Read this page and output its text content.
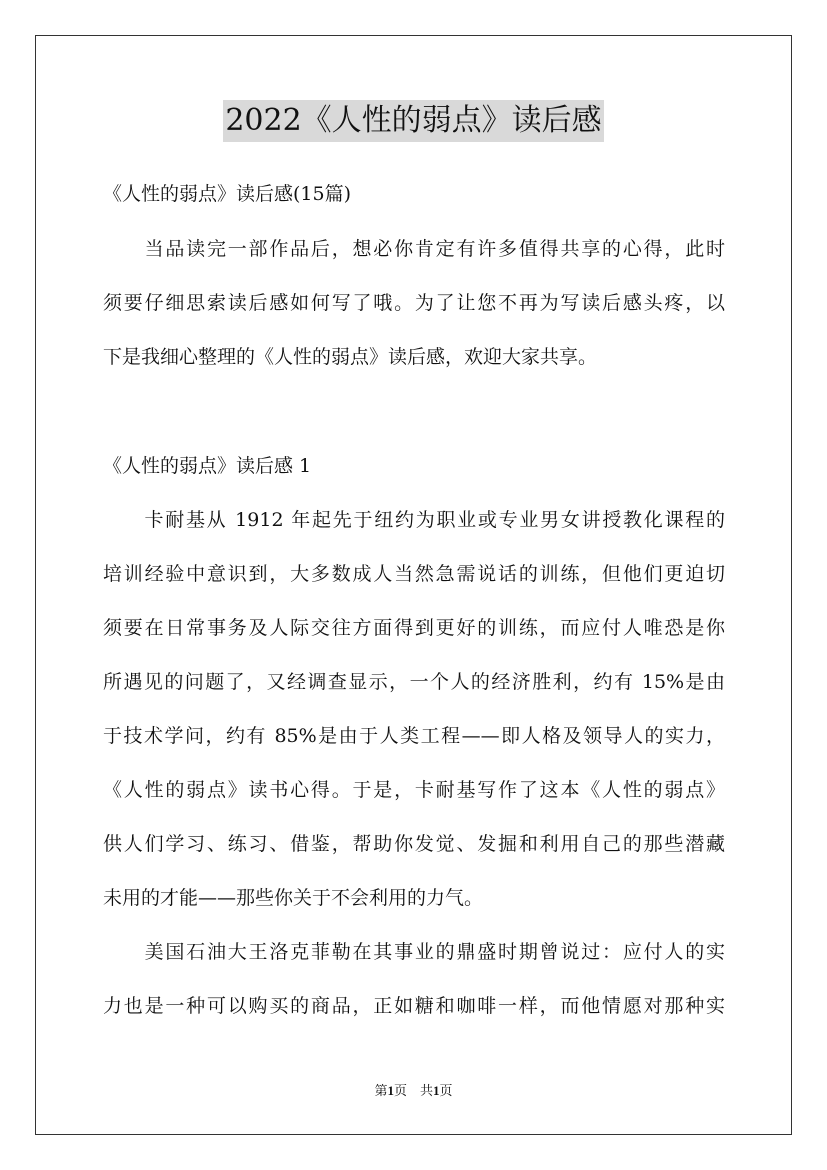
2022《人性的弱点》读后感
《人性的弱点》读后感(15篇)
　　当品读完一部作品后，想必你肯定有许多值得共享的心得，此时
须要仔细思索读后感如何写了哦。为了让您不再为写读后感头疼，以
下是我细心整理的《人性的弱点》读后感，欢迎大家共享。
《人性的弱点》读后感 1
　　卡耐基从 1912 年起先于纽约为职业或专业男女讲授教化课程的
培训经验中意识到，大多数成人当然急需说话的训练，但他们更迫切
须要在日常事务及人际交往方面得到更好的训练，而应付人唯恐是你
所遇见的问题了，又经调查显示，一个人的经济胜利，约有 15%是由
于技术学问，约有 85%是由于人类工程——即人格及领导人的实力，
《人性的弱点》读书心得。于是，卡耐基写作了这本《人性的弱点》
供人们学习、练习、借鉴，帮助你发觉、发掘和利用自己的那些潜藏
未用的才能——那些你关于不会利用的力气。
　　美国石油大王洛克菲勒在其事业的鼎盛时期曾说过：应付人的实
力也是一种可以购买的商品，正如糖和咖啡一样，而他情愿对那种实
第1页　共1页
